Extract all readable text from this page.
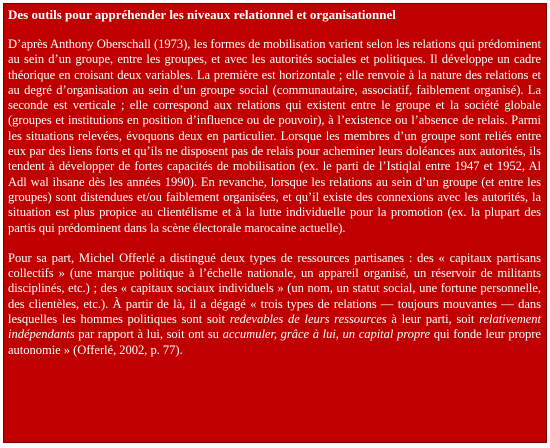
Des outils pour appréhender les niveaux relationnel et organisationnel

D’après Anthony Oberschall (1973), les formes de mobilisation varient selon les relations qui prédominent au sein d’un groupe, entre les groupes, et avec les autorités sociales et politiques. Il développe un cadre théorique en croisant deux variables. La première est horizontale ; elle renvoie à la nature des relations et au degré d’organisation au sein d’un groupe social (communautaire, associatif, faiblement organisé). La seconde est verticale ; elle correspond aux relations qui existent entre le groupe et la société globale (groupes et institutions en position d’influence ou de pouvoir), à l’existence ou l’absence de relais. Parmi les situations relevées, évoquons deux en particulier. Lorsque les membres d’un groupe sont reliés entre eux par des liens forts et qu’ils ne disposent pas de relais pour acheminer leurs doléances aux autorités, ils tendent à développer de fortes capacités de mobilisation (ex. le parti de l’Istiqlal entre 1947 et 1952, Al Adl wal ihsane dès les années 1990). En revanche, lorsque les relations au sein d’un groupe (et entre les groupes) sont distendues et/ou faiblement organisées, et qu’il existe des connexions avec les autorités, la situation est plus propice au clientélisme et à la lutte individuelle pour la promotion (ex. la plupart des partis qui prédominent dans la scène électorale marocaine actuelle).

Pour sa part, Michel Offerlé a distingué deux types de ressources partisanes : des « capitaux partisans collectifs » (une marque politique à l’échelle nationale, un appareil organisé, un réservoir de militants disciplinés, etc.) ; des « capitaux sociaux individuels » (un nom, un statut social, une fortune personnelle, des clientèles, etc.). À partir de là, il a dégagé « trois types de relations — toujours mouvantes — dans lesquelles les hommes politiques sont soit redevables de leurs ressources à leur parti, soit relativement indépendants par rapport à lui, soit ont su accumuler, grâce à lui, un capital propre qui fonde leur propre autonomie » (Offerlé, 2002, p. 77).
